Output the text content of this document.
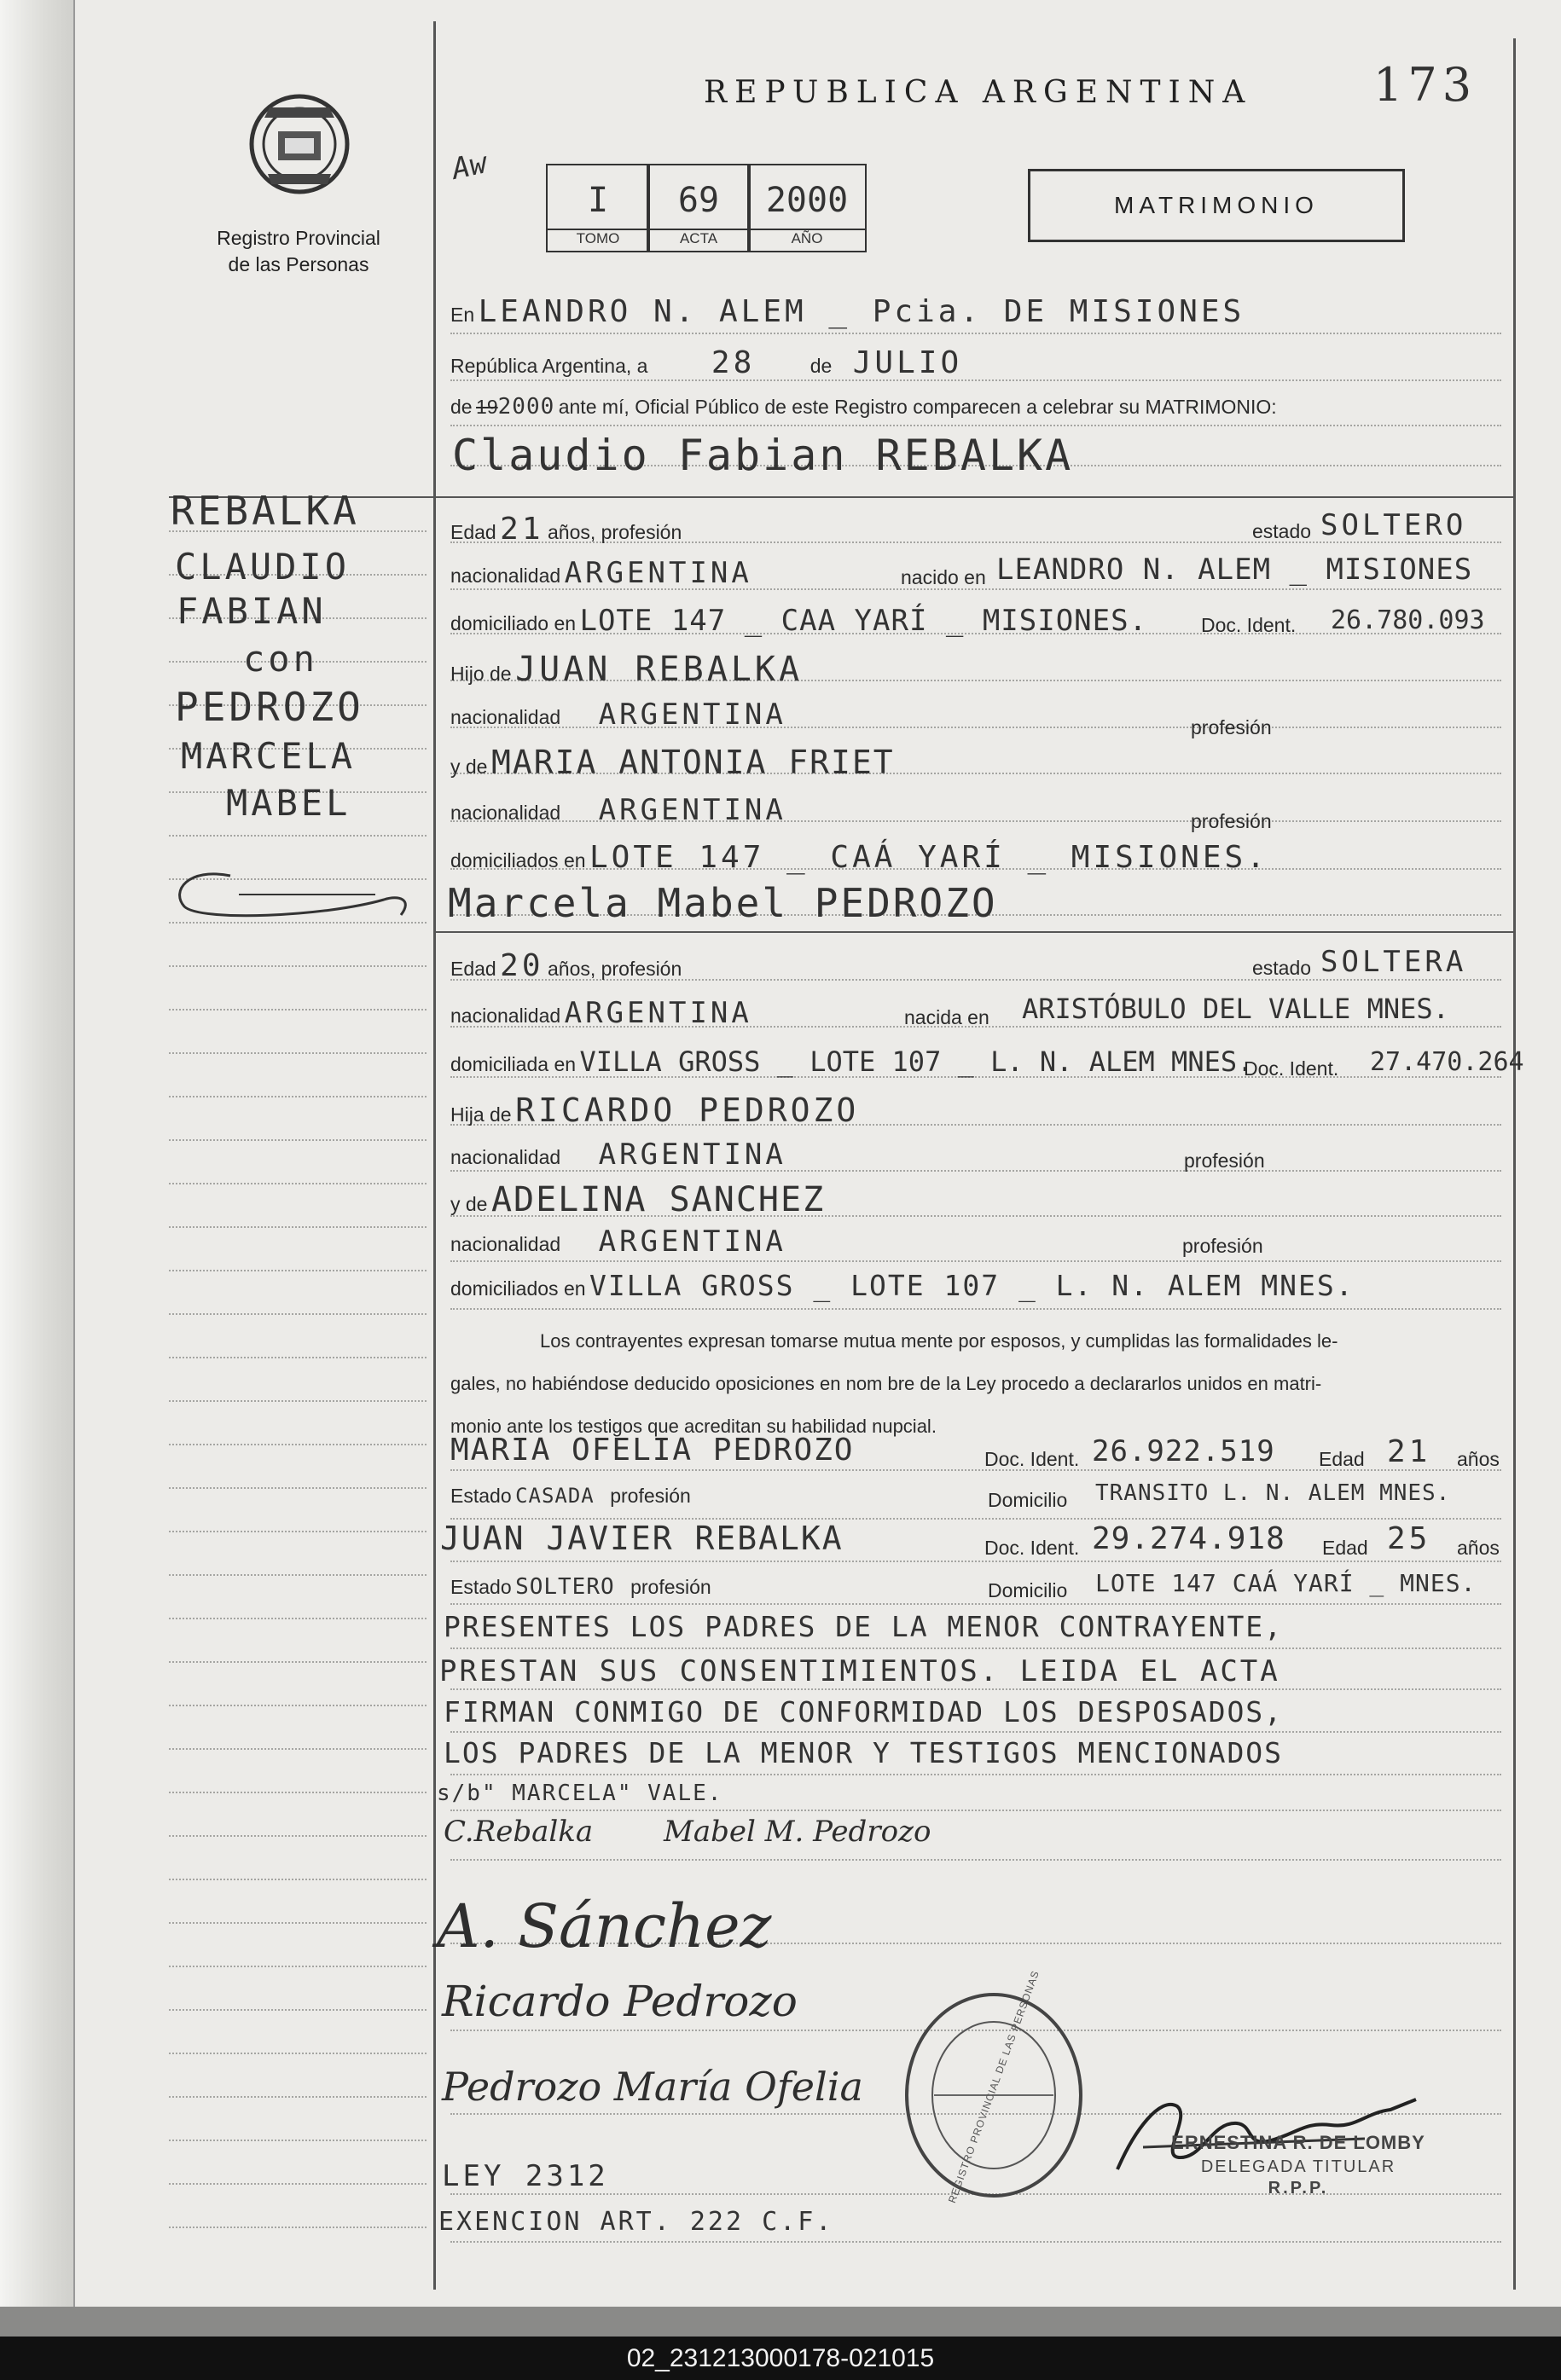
Registro Provincial
de las Personas
REPUBLICA ARGENTINA	173
Aw
I
TOMO
69
ACTA
2000
AÑO
MATRIMONIO
REBALKA
CLAUDIO
FABIAN
con
PEDROZO
MARCELA
MABEL
En LEANDRO N. ALEM _ Pcia. DE MISIONES
República Argentina, a 28	de JULIO
de 192000 ante mí, Oficial Público de este Registro comparecen a celebrar su MATRIMONIO:
Claudio Fabian REBALKA
Edad 21 años, profesión	estado SOLTERO
nacionalidad ARGENTINA	nacido en LEANDRO N. ALEM _ MISIONES
domiciliado en LOTE 147 _ CAA YARÍ _ MISIONES.	Doc. Ident. 26.780.093
Hijo de JUAN REBALKA
nacionalidad ARGENTINA	profesión
y de MARIA ANTONIA FRIET
nacionalidad ARGENTINA	profesión
domiciliados en LOTE 147 _ CAÁ YARÍ _ MISIONES.
Marcela Mabel PEDROZO
Edad 20 años, profesión	estado SOLTERA
nacionalidad ARGENTINA	nacida en ARISTÓBULO DEL VALLE MNES.
domiciliada en VILLA GROSS _ LOTE 107 _ L. N. ALEM MNES.
Doc. Ident. 27.470.264
Hija de RICARDO PEDROZO
nacionalidad ARGENTINA	profesión
y de ADELINA SANCHEZ
nacionalidad ARGENTINA	profesión
domiciliados en VILLA GROSS _ LOTE 107 _ L. N. ALEM MNES.
Los contrayentes expresan tomarse mutua mente por esposos, y cumplidas las formalidades le-
gales, no habiéndose deducido oposiciones en nom bre de la Ley procedo a declararlos unidos en matri-
monio ante los testigos que acreditan su habilidad nupcial.
MARIA OFELIA PEDROZO	Doc. Ident. 26.922.519 Edad 21 años
Estado CASADA profesión	Domicilio TRANSITO L. N. ALEM MNES.
JUAN JAVIER REBALKA	Doc. Ident. 29.274.918 Edad 25 años
Estado SOLTERO profesión	Domicilio LOTE 147 CAÁ YARÍ _ MNES.
PRESENTES LOS PADRES DE LA MENOR CONTRAYENTE,
PRESTAN SUS CONSENTIMIENTOS. LEIDA EL ACTA
FIRMAN CONMIGO DE CONFORMIDAD LOS DESPOSADOS,
LOS PADRES DE LA MENOR Y TESTIGOS MENCIONADOS
s/b" MARCELA" VALE.
C.Rebalka Mabel M. Pedrozo
A. Sánchez
Ricardo Pedrozo
Pedrozo María Ofelia
LEY 2312
EXENCION ART. 222 C.F.
REGISTRO PROVINCIAL DE LAS PERSONAS	ERNESTINA R. DE LOMBY
DELEGADA TITULAR
R.P.P.
02_231213000178-021015
